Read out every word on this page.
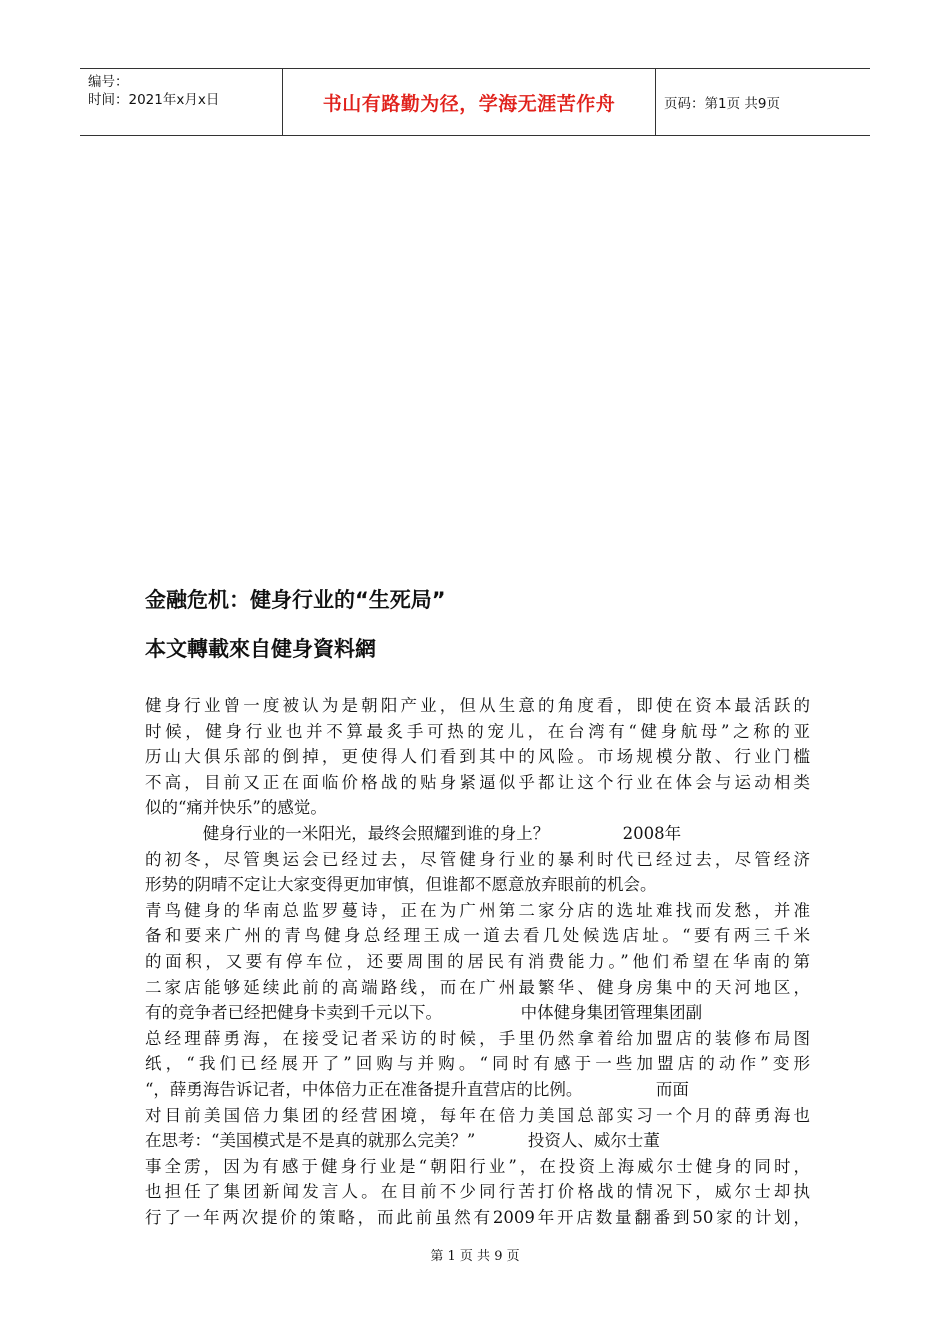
编号：
时间：2021年x月x日	书山有路勤为径，学海无涯苦作舟	页码：第1页 共9页
金融危机：健身行业的“生死局”
本文轉載來自健身資料網
健身行业曾一度被认为是朝阳产业，但从生意的角度看，即使在资本最活跃的
时候，健身行业也并不算最炙手可热的宠儿，在台湾有“健身航母”之称的亚
历山大俱乐部的倒掉，更使得人们看到其中的风险。市场规模分散、行业门槛
不高，目前又正在面临价格战的贴身紧逼似乎都让这个行业在体会与运动相类
似的“痛并快乐”的感觉。
健身行业的一米阳光，最终会照耀到谁的身上？              2008年
的初冬，尽管奥运会已经过去，尽管健身行业的暴利时代已经过去，尽管经济
形势的阴晴不定让大家变得更加审慎，但谁都不愿意放弃眼前的机会。
青鸟健身的华南总监罗蔓诗，正在为广州第二家分店的选址难找而发愁，并准
备和要来广州的青鸟健身总经理王成一道去看几处候选店址。“要有两三千米
的面积，又要有停车位，还要周围的居民有消费能力。”他们希望在华南的第
二家店能够延续此前的高端路线，而在广州最繁华、健身房集中的天河地区，
有的竞争者已经把健身卡卖到千元以下。               中体健身集团管理集团副
总经理薛勇海，在接受记者采访的时候，手里仍然拿着给加盟店的装修布局图
纸，“我们已经展开了”回购与并购。“同时有感于一些加盟店的动作”变形
“，薛勇海告诉记者，中体倍力正在准备提升直营店的比例。              而面
对目前美国倍力集团的经营困境，每年在倍力美国总部实习一个月的薛勇海也
在思考：“美国模式是不是真的就那么完美？”          投资人、威尔士董
事全雳，因为有感于健身行业是“朝阳行业”，在投资上海威尔士健身的同时，
也担任了集团新闻发言人。在目前不少同行苦打价格战的情况下，威尔士却执
行了一年两次提价的策略，而此前虽然有2009年开店数量翻番到50家的计划，
第 1 页 共 9 页
